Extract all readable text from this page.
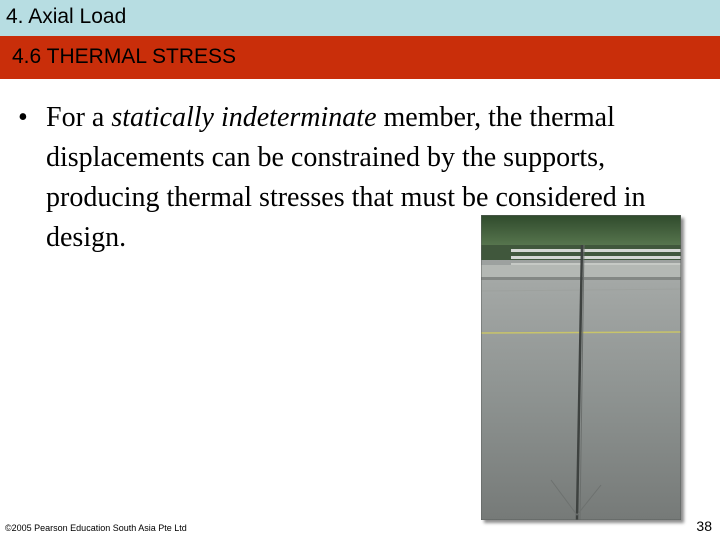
4. Axial Load
4.6 THERMAL STRESS
• For a statically indeterminate member, the thermal displacements can be constrained by the supports, producing thermal stresses that must be considered in design.
©2005 Pearson Education South Asia Pte Ltd	38
